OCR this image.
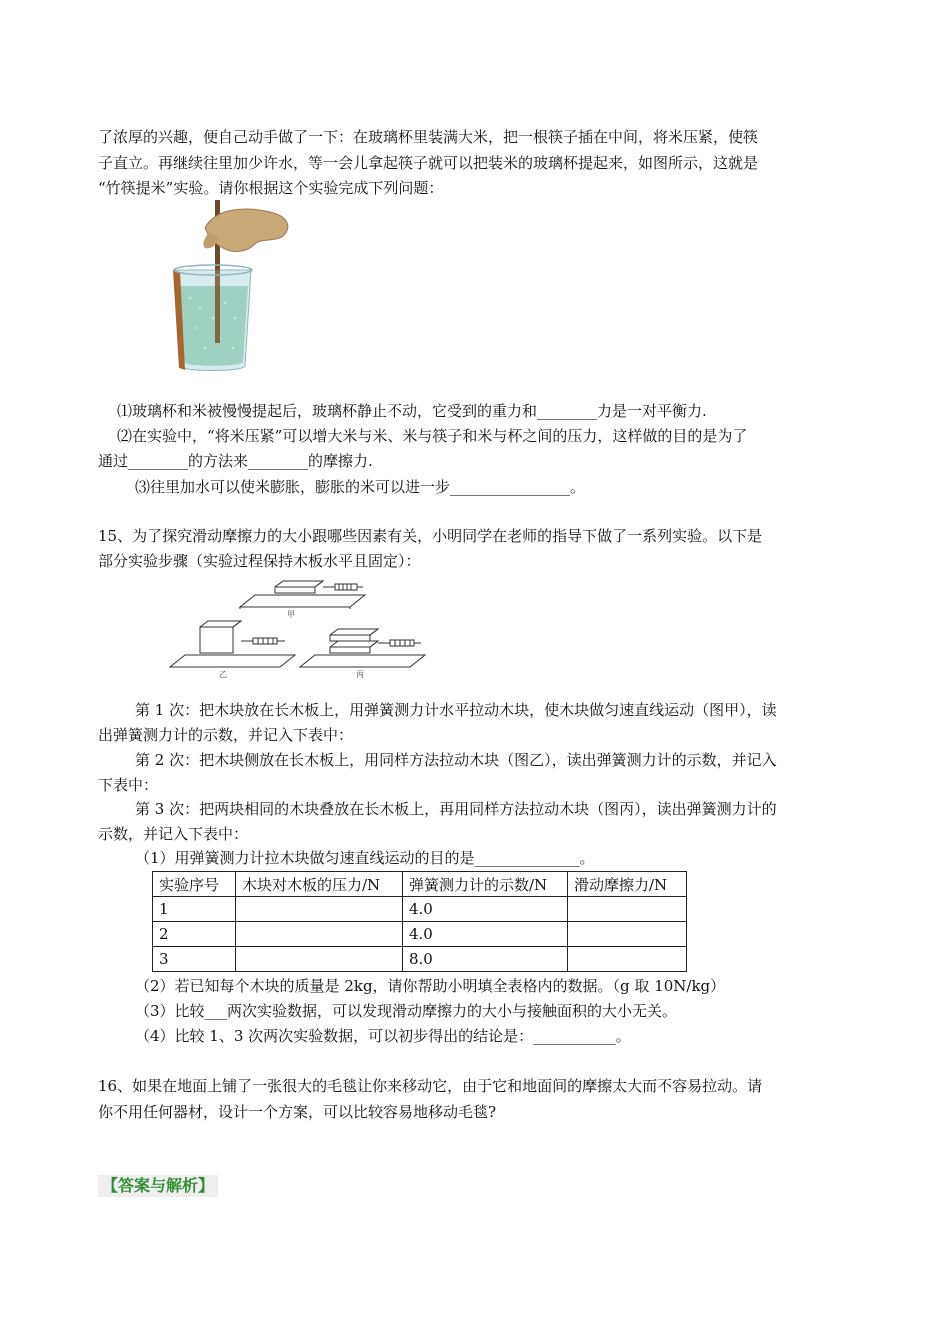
了浓厚的兴趣，便自己动手做了一下：在玻璃杯里装满大米，把一根筷子插在中间，将米压紧，使筷
子直立。再继续往里加少许水，等一会儿拿起筷子就可以把装米的玻璃杯提起来，如图所示，这就是
“竹筷提米”实验。请你根据这个实验完成下列问题：
⑴玻璃杯和米被慢慢提起后，玻璃杯静止不动，它受到的重力和________力是一对平衡力.
⑵在实验中，“将米压紧”可以增大米与米、米与筷子和米与杯之间的压力，这样做的目的是为了
通过________的方法来________的摩擦力.
⑶往里加水可以使米膨胀，膨胀的米可以进一步________________。
15、为了探究滑动摩擦力的大小跟哪些因素有关，小明同学在老师的指导下做了一系列实验。以下是
部分实验步骤（实验过程保持木板水平且固定）：
甲
乙	丙
第 1 次：把木块放在长木板上，用弹簧测力计水平拉动木块，使木块做匀速直线运动（图甲），读
出弹簧测力计的示数，并记入下表中：
第 2 次：把木块侧放在长木板上，用同样方法拉动木块（图乙），读出弹簧测力计的示数，并记入
下表中：
第 3 次：把两块相同的木块叠放在长木板上，再用同样方法拉动木块（图丙），读出弹簧测力计的
示数，并记入下表中：
（1）用弹簧测力计拉木块做匀速直线运动的目的是______________。
实验序号	木块对木板的压力/N	弹簧测力计的示数/N	滑动摩擦力/N
1		4.0	
2		4.0	
3		8.0	
（2）若已知每个木块的质量是 2kg，请你帮助小明填全表格内的数据。（g 取 10N/kg）
（3）比较___两次实验数据，可以发现滑动摩擦力的大小与接触面积的大小无关。
（4）比较 1、3 次两次实验数据，可以初步得出的结论是：___________。
16、如果在地面上铺了一张很大的毛毯让你来移动它，由于它和地面间的摩擦太大而不容易拉动。请
你不用任何器材，设计一个方案，可以比较容易地移动毛毯?
【答案与解析】
